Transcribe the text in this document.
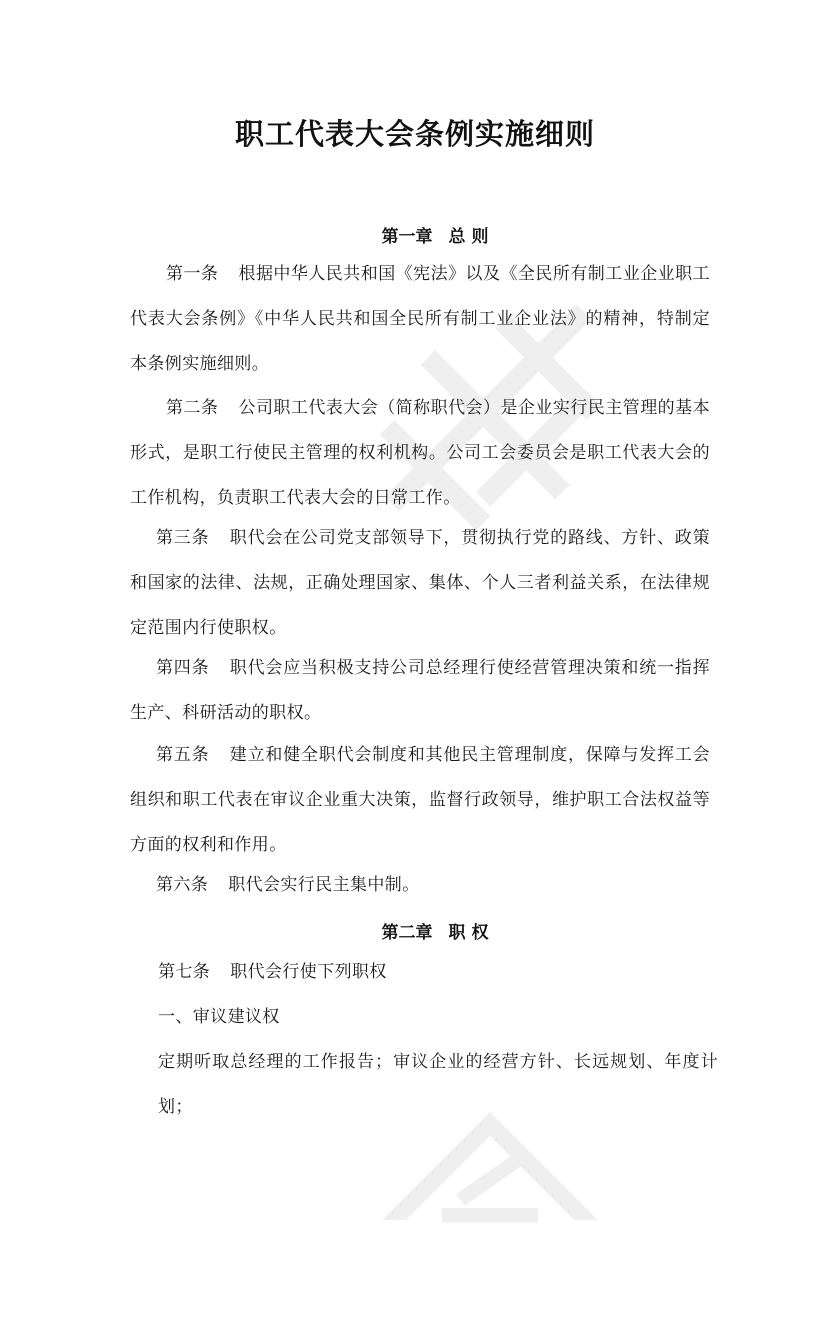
职工代表大会条例实施细则
第一章 总 则

第一条 根据中华人民共和国《宪法》以及《全民所有制工业企业职工代表大会条例》《中华人民共和国全民所有制工业企业法》的精神，特制定本条例实施细则。

第二条 公司职工代表大会（简称职代会）是企业实行民主管理的基本形式，是职工行使民主管理的权利机构。公司工会委员会是职工代表大会的工作机构，负责职工代表大会的日常工作。

第三条 职代会在公司党支部领导下，贯彻执行党的路线、方针、政策和国家的法律、法规，正确处理国家、集体、个人三者利益关系，在法律规定范围内行使职权。

第四条 职代会应当积极支持公司总经理行使经营管理决策和统一指挥生产、科研活动的职权。

第五条 建立和健全职代会制度和其他民主管理制度，保障与发挥工会组织和职工代表在审议企业重大决策，监督行政领导，维护职工合法权益等方面的权利和作用。

第六条 职代会实行民主集中制。

第二章 职 权

第七条 职代会行使下列职权

一、审议建议权

定期听取总经理的工作报告；审议企业的经营方针、长远规划、年度计划；
